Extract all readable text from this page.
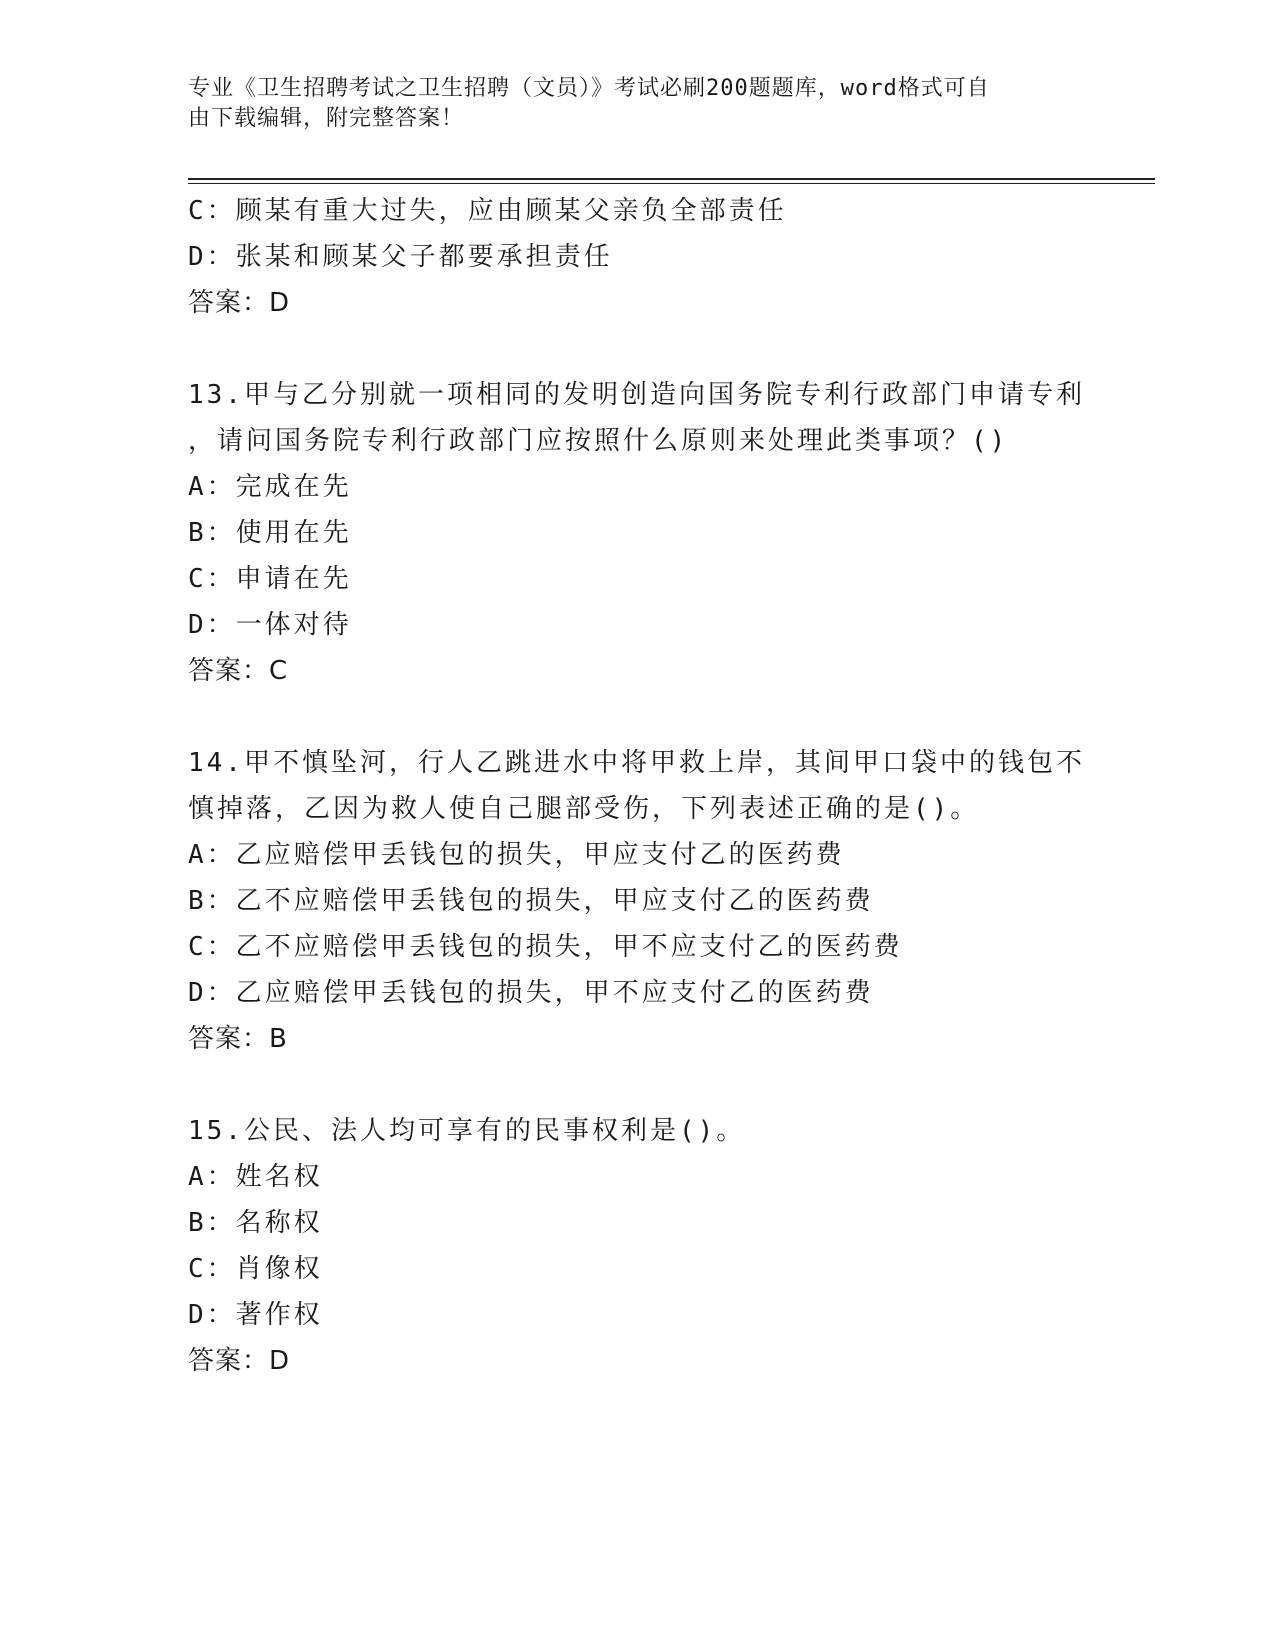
专业《卫生招聘考试之卫生招聘（文员）》考试必刷200题题库，word格式可自
由下载编辑，附完整答案！
C：顾某有重大过失，应由顾某父亲负全部责任
D：张某和顾某父子都要承担责任
答案：D
13.甲与乙分别就一项相同的发明创造向国务院专利行政部门申请专利
，请问国务院专利行政部门应按照什么原则来处理此类事项？()
A：完成在先
B：使用在先
C：申请在先
D：一体对待
答案：C
14.甲不慎坠河，行人乙跳进水中将甲救上岸，其间甲口袋中的钱包不
慎掉落，乙因为救人使自己腿部受伤，下列表述正确的是()。
A：乙应赔偿甲丢钱包的损失，甲应支付乙的医药费
B：乙不应赔偿甲丢钱包的损失，甲应支付乙的医药费
C：乙不应赔偿甲丢钱包的损失，甲不应支付乙的医药费
D：乙应赔偿甲丢钱包的损失，甲不应支付乙的医药费
答案：B
15.公民、法人均可享有的民事权利是()。
A：姓名权
B：名称权
C：肖像权
D：著作权
答案：D
